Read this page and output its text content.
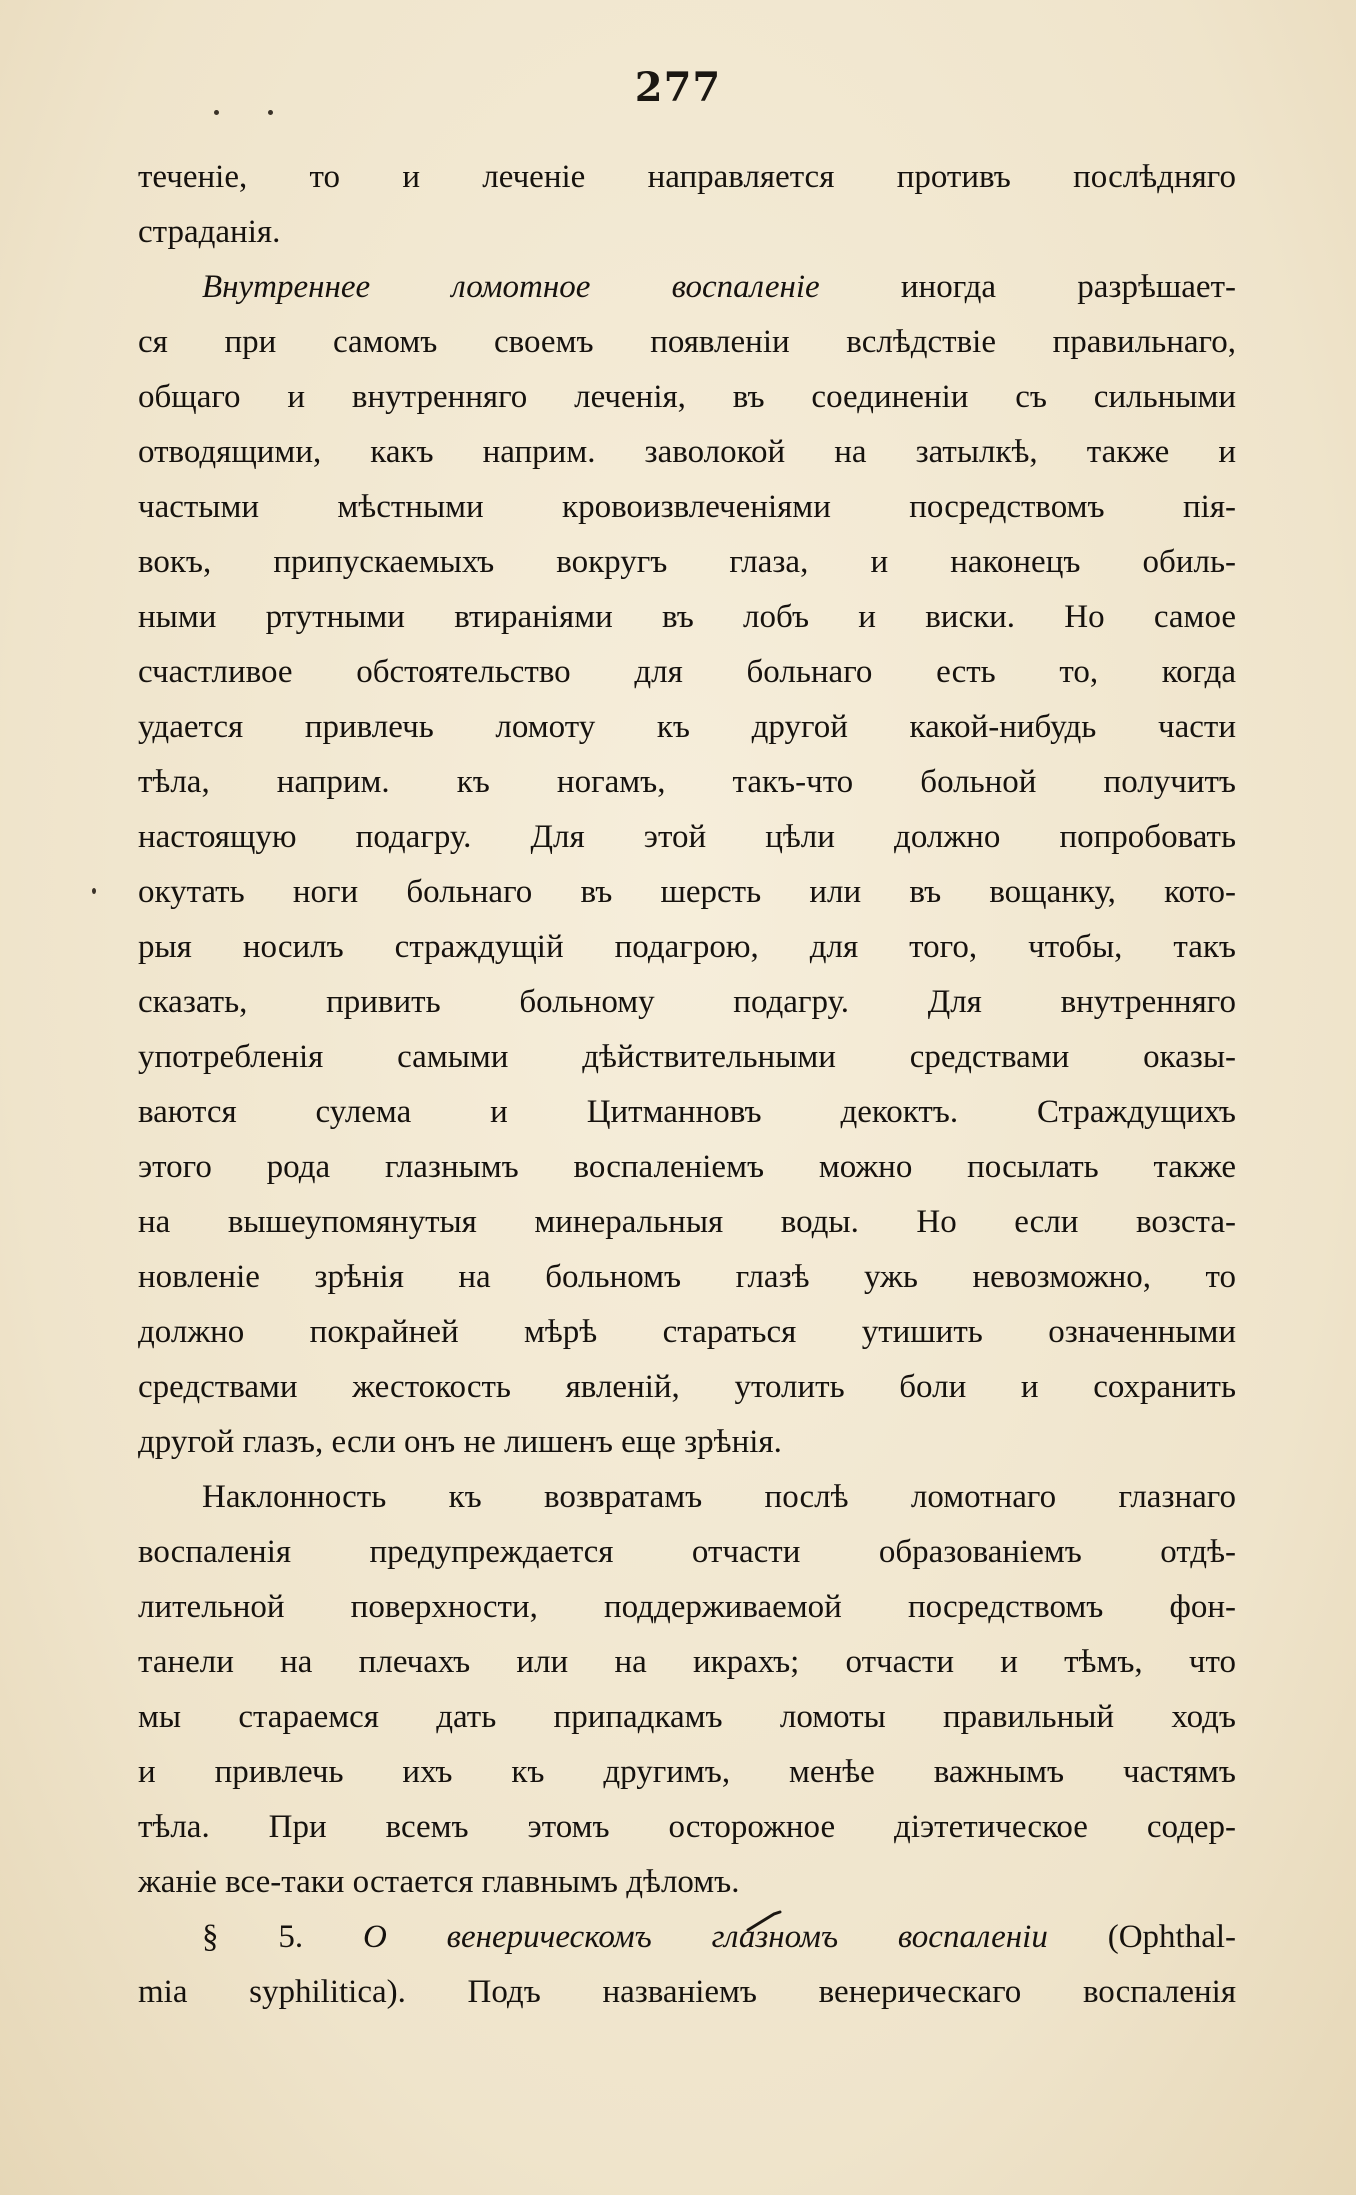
277
теченіе, то и леченіе направляется противъ послѣдняго
страданія.
Внутреннее ломотное воспаленіе иногда разрѣшает-
ся при самомъ своемъ появленіи вслѣдствіе правильнаго,
общаго и внутренняго леченія, въ соединеніи съ сильными
отводящими, какъ наприм. заволокой на затылкѣ, также и
частыми мѣстными кровоизвлеченіями посредствомъ пія-
вокъ, припускаемыхъ вокругъ глаза, и наконецъ обиль-
ными ртутными втираніями въ лобъ и виски. Но самое
счастливое обстоятельство для больнаго есть то, когда
удается привлечь ломоту къ другой какой-нибудь части
тѣла, наприм. къ ногамъ, такъ-что больной получитъ
настоящую подагру. Для этой цѣли должно попробовать
окутать ноги больнаго въ шерсть или въ вощанку, кото-
рыя носилъ страждущій подагрою, для того, чтобы, такъ
сказать, привить больному подагру. Для внутренняго
употребленія самыми дѣйствительными средствами оказы-
ваются сулема и Цитманновъ декоктъ. Страждущихъ
этого рода глазнымъ воспаленіемъ можно посылать также
на вышеупомянутыя минеральныя воды. Но если возста-
новленіе зрѣнія на больномъ глазѣ ужь невозможно, то
должно покрайней мѣрѣ стараться утишить означенными
средствами жестокость явленій, утолить боли и сохранить
другой глазъ, если онъ не лишенъ еще зрѣнія.
Наклонность къ возвратамъ послѣ ломотнаго глазнаго
воспаленія предупреждается отчасти образованіемъ отдѣ-
лительной поверхности, поддерживаемой посредствомъ фон-
танели на плечахъ или на икрахъ; отчасти и тѣмъ, что
мы стараемся дать припадкамъ ломоты правильный ходъ
и привлечь ихъ къ другимъ, менѣе важнымъ частямъ
тѣла. При всемъ этомъ осторожное діэтетическое содер-
жаніе все-таки остается главнымъ дѣломъ.
§ 5. О венерическомъ глазномъ воспаленіи (Ophthal-
mia syphilitica). Подъ названіемъ венерическаго воспаленія
